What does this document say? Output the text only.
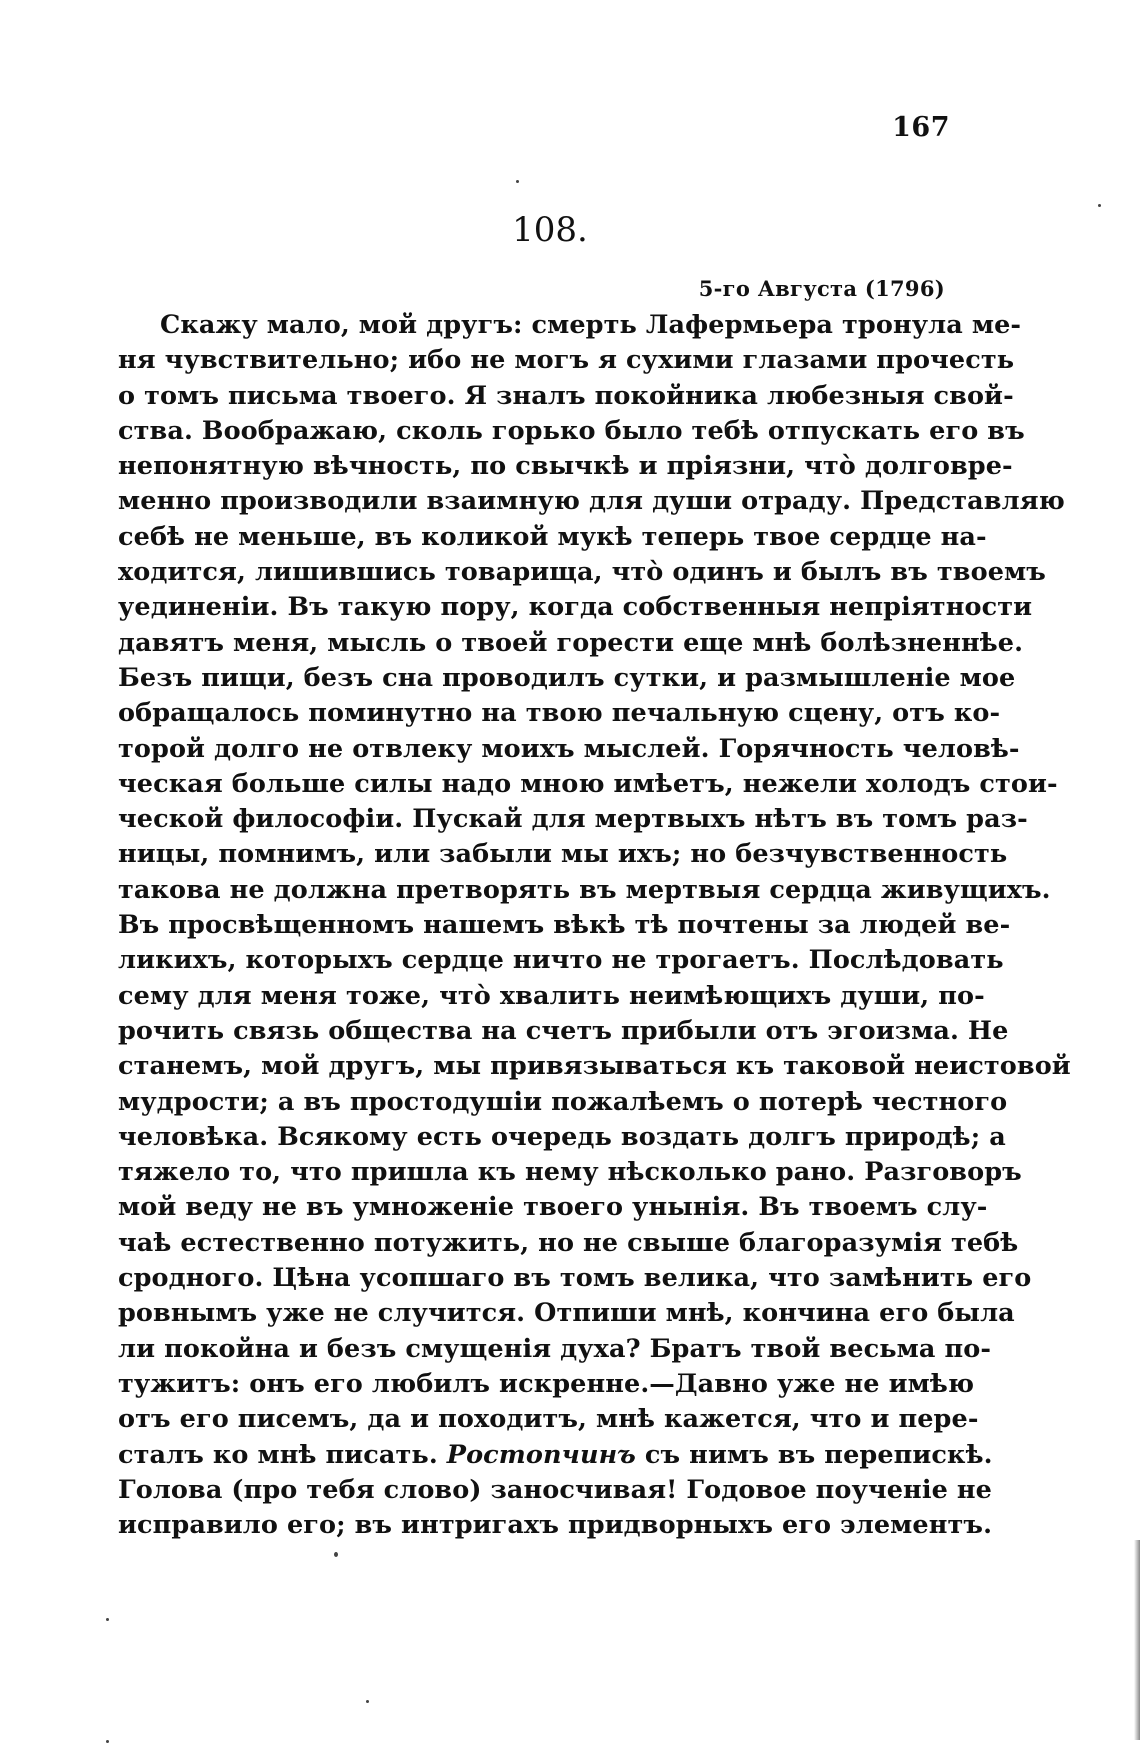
167
108.
5-го Августа (1796)
Скажу мало, мой другъ: смерть Лафермьера тронула ме-
ня чувствительно; ибо не могъ я сухими глазами прочесть
о томъ письма твоего. Я зналъ покойника любезныя свой-
ства. Воображаю, сколь горько было тебѣ отпускать его въ
непонятную вѣчность, по свычкѣ и пріязни, что̀ долговре-
менно производили взаимную для души отраду. Представляю
себѣ не меньше, въ коликой мукѣ теперь твое сердце на-
ходится, лишившись товарища, что̀ одинъ и былъ въ твоемъ
уединеніи. Въ такую пору, когда собственныя непріятности
давятъ меня, мысль о твоей горести еще мнѣ болѣзненнѣе.
Безъ пищи, безъ сна проводилъ сутки, и размышленіе мое
обращалось поминутно на твою печальную сцену, отъ ко-
торой долго не отвлеку моихъ мыслей. Горячность человѣ-
ческая больше силы надо мною имѣетъ, нежели холодъ стои-
ческой философіи. Пускай для мертвыхъ нѣтъ въ томъ раз-
ницы, помнимъ, или забыли мы ихъ; но безчувственность
такова не должна претворять въ мертвыя сердца живущихъ.
Въ просвѣщенномъ нашемъ вѣкѣ тѣ почтены за людей ве-
ликихъ, которыхъ сердце ничто не трогаетъ. Послѣдовать
сему для меня тоже, что̀ хвалить неимѣющихъ души, по-
рочить связь общества на счетъ прибыли отъ эгоизма. Не
станемъ, мой другъ, мы привязываться къ таковой неистовой
мудрости; а въ простодушіи пожалѣемъ о потерѣ честного
человѣка. Всякому есть очередь воздать долгъ природѣ; а
тяжело то, что пришла къ нему нѣсколько рано. Разговоръ
мой веду не въ умноженіе твоего унынія. Въ твоемъ слу-
чаѣ естественно потужить, но не свыше благоразумія тебѣ
сродного. Цѣна усопшаго въ томъ велика, что замѣнить его
ровнымъ уже не случится. Отпиши мнѣ, кончина его была
ли покойна и безъ смущенія духа? Братъ твой весьма по-
тужитъ: онъ его любилъ искренне.—Давно уже не имѣю
отъ его писемъ, да и походитъ, мнѣ кажется, что и пере-
сталъ ко мнѣ писать. Ростопчинъ съ нимъ въ перепискѣ.
Голова (про тебя слово) заносчивая! Годовое поученіе не
исправило его; въ интригахъ придворныхъ его элементъ.
